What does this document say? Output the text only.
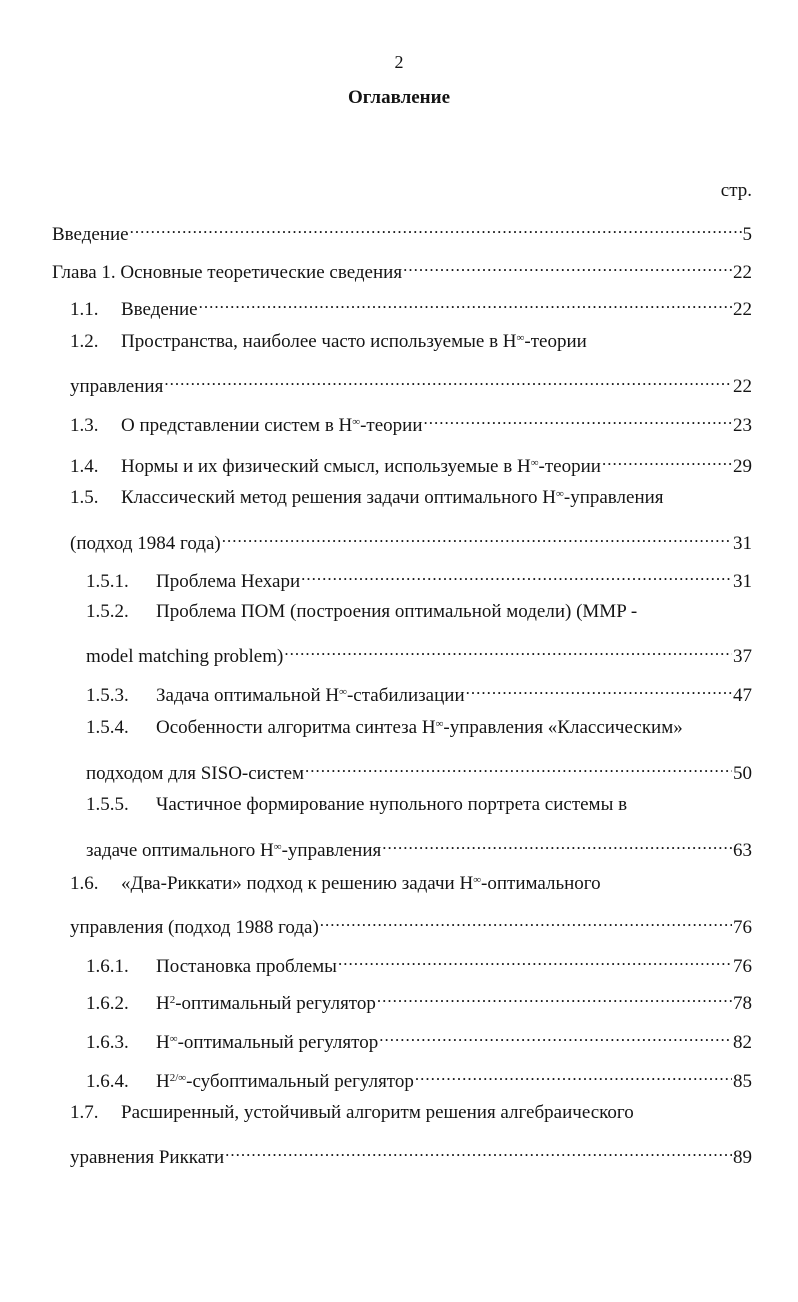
2
Оглавление
стр.
Введение .....	5
Глава 1. Основные теоретические сведения .....	22
1.1.	Введение .....	22
1.2.	Пространства, наиболее часто используемые в H∞-теории
управления .....	22
1.3.	О представлении систем в H∞-теории .....	23
1.4.	Нормы и их физический смысл, используемые в H∞-теории .....	29
1.5.	Классический метод решения задачи оптимального H∞-управления
(подход 1984 года) .....	31
1.5.1.	Проблема Нехари .....	31
1.5.2.	Проблема ПОМ (построения оптимальной модели) (MMP -
model matching problem) .....	37
1.5.3.	Задача оптимальной H∞-стабилизации .....	47
1.5.4.	Особенности алгоритма синтеза H∞-управления «Классическим»
подходом для SISO-систем .....	50
1.5.5.	Частичное формирование нупольного портрета системы в
задаче оптимального H∞-управления .....	63
1.6.	«Два-Риккати» подход к решению задачи H∞-оптимального
управления (подход 1988 года) .....	76
1.6.1.	Постановка проблемы .....	76
1.6.2.	$H^2$-оптимальный регулятор .....	78
1.6.3.	H∞-оптимальный регулятор .....	82
1.6.4.	$H^{2/\infty}$-субоптимальный регулятор .....	85
1.7.	Расширенный, устойчивый алгоритм решения алгебраического
уравнения Риккати .....	89
